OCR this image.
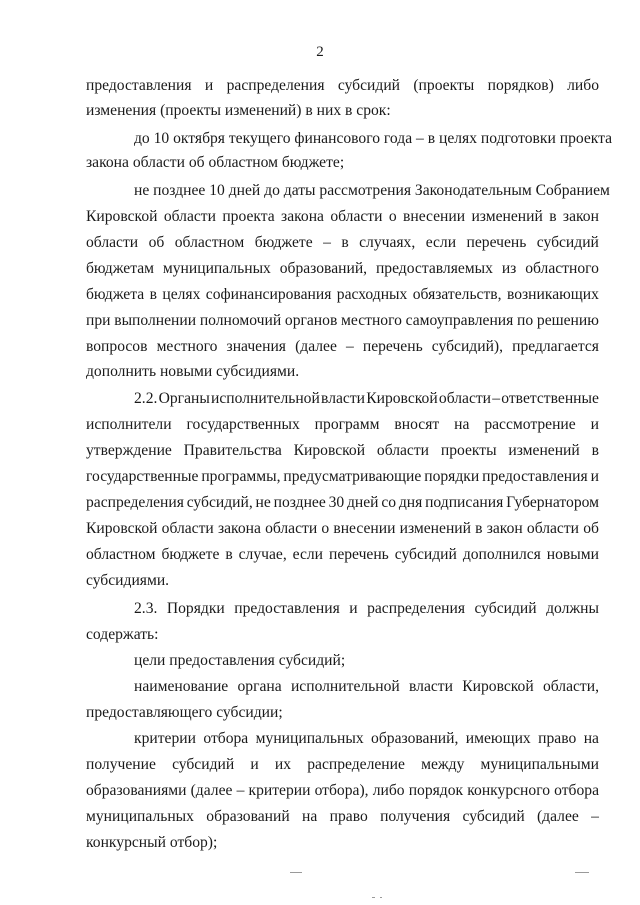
2
предоставления и распределения субсидий (проекты порядков) либо
изменения (проекты изменений) в них в срок:
до 10 октября текущего финансового года – в целях подготовки проекта
закона области об областном бюджете;
не позднее 10 дней до даты рассмотрения Законодательным Собранием
Кировской области проекта закона области о внесении изменений в закон
области об областном бюджете – в случаях, если перечень субсидий
бюджетам муниципальных образований, предоставляемых из областного
бюджета в целях софинансирования расходных обязательств, возникающих
при выполнении полномочий органов местного самоуправления по решению
вопросов местного значения (далее – перечень субсидий), предлагается
дополнить новыми субсидиями.
2.2. Органы исполнительной власти Кировской области – ответственные
исполнители государственных программ вносят на рассмотрение и
утверждение Правительства Кировской области проекты изменений в
государственные программы, предусматривающие порядки предоставления и
распределения субсидий, не позднее 30 дней со дня подписания Губернатором
Кировской области закона области о внесении изменений в закон области об
областном бюджете в случае, если перечень субсидий дополнился новыми
субсидиями.
2.3. Порядки предоставления и распределения субсидий должны
содержать:
цели предоставления субсидий;
наименование органа исполнительной власти Кировской области,
предоставляющего субсидии;
критерии отбора муниципальных образований, имеющих право на
получение субсидий и их распределение между муниципальными
образованиями (далее – критерии отбора), либо порядок конкурсного отбора
муниципальных образований на право получения субсидий (далее –
конкурсный отбор);
